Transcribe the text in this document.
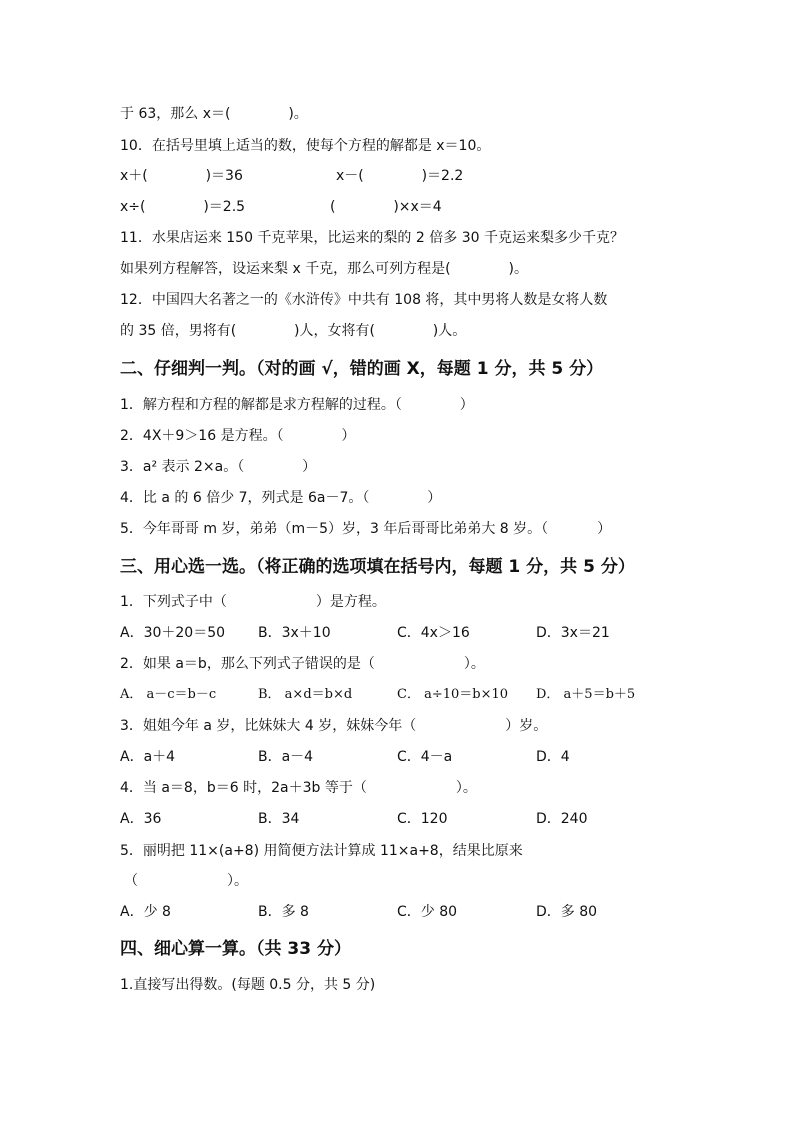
于 63，那么 x＝(             )。
10．在括号里填上适当的数，使每个方程的解都是 x＝10。
x＋(             )＝36	x－(             )＝2.2
x÷(             )＝2.5	(             )×x＝4
11．水果店运来 150 千克苹果，比运来的梨的 2 倍多 30 千克运来梨多少千克？
如果列方程解答，设运来梨 x 千克，那么可列方程是(             )。
12．中国四大名著之一的《水浒传》中共有 108 将，其中男将人数是女将人数
的 35 倍，男将有(             )人，女将有(             )人。
二、仔细判一判。（对的画 √，错的画 X，每题 1 分，共 5 分）
1．解方程和方程的解都是求方程解的过程。（             ）
2．4X＋9＞16 是方程。（             ）
3．a² 表示 2×a。（             ）
4．比 a 的 6 倍少 7，列式是 6a－7。（             ）
5．今年哥哥 m 岁，弟弟（m－5）岁，3 年后哥哥比弟弟大 8 岁。（           ）
三、用心选一选。（将正确的选项填在括号内，每题 1 分，共 5 分）
1．下列式子中（                    ）是方程。
A．30＋20＝50 B．3x＋10	C．4x＞16	D．3x＝21
2．如果 a＝b，那么下列式子错误的是（                    ）。
A． a－c＝b－c	B． a×d＝b×d	C． a÷10＝b×10 D． a＋5＝b＋5
3．姐姐今年 a 岁，比妹妹大 4 岁，妹妹今年（                    ）岁。
A．a＋4	B．a－4	C．4－a	D．4
4．当 a＝8，b＝6 时，2a＋3b 等于（                    ）。
A．36	B．34	C．120	D．240
5．丽明把 11×(a+8) 用简便方法计算成 11×a+8，结果比原来
（                    ）。
A．少 8	B．多 8	C．少 80	D．多 80
四、细心算一算。（共 33 分）
1.直接写出得数。(每题 0.5 分，共 5 分)
